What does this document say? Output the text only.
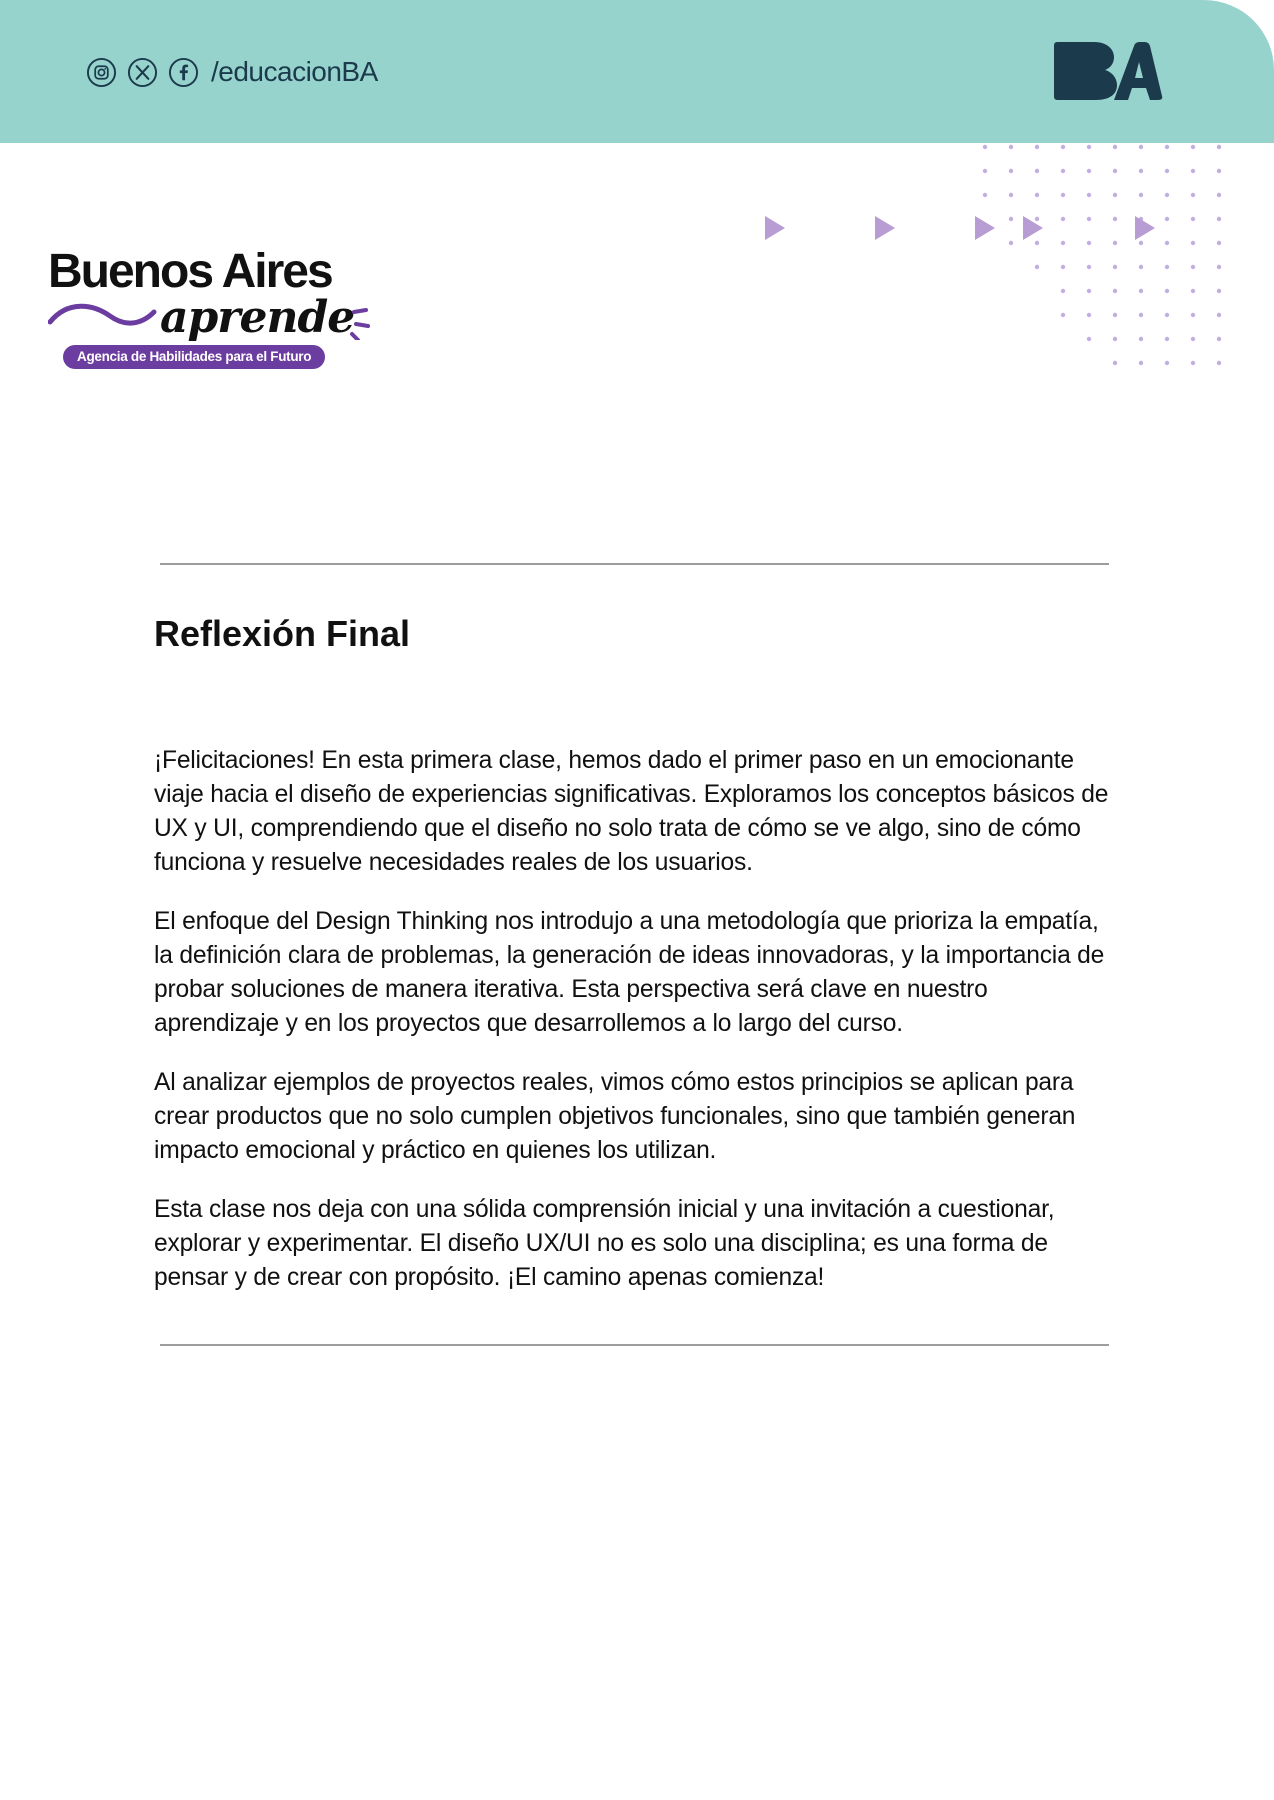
/educacionBA
Buenos Aires
aprende
Agencia de Habilidades para el Futuro
Reflexión Final

¡Felicitaciones! En esta primera clase, hemos dado el primer paso en un emocionante viaje hacia el diseño de experiencias significativas. Exploramos los conceptos básicos de UX y UI, comprendiendo que el diseño no solo trata de cómo se ve algo, sino de cómo funciona y resuelve necesidades reales de los usuarios.

El enfoque del Design Thinking nos introdujo a una metodología que prioriza la empatía, la definición clara de problemas, la generación de ideas innovadoras, y la importancia de probar soluciones de manera iterativa. Esta perspectiva será clave en nuestro aprendizaje y en los proyectos que desarrollemos a lo largo del curso.

Al analizar ejemplos de proyectos reales, vimos cómo estos principios se aplican para crear productos que no solo cumplen objetivos funcionales, sino que también generan impacto emocional y práctico en quienes los utilizan.

Esta clase nos deja con una sólida comprensión inicial y una invitación a cuestionar, explorar y experimentar. El diseño UX/UI no es solo una disciplina; es una forma de pensar y de crear con propósito. ¡El camino apenas comienza!
